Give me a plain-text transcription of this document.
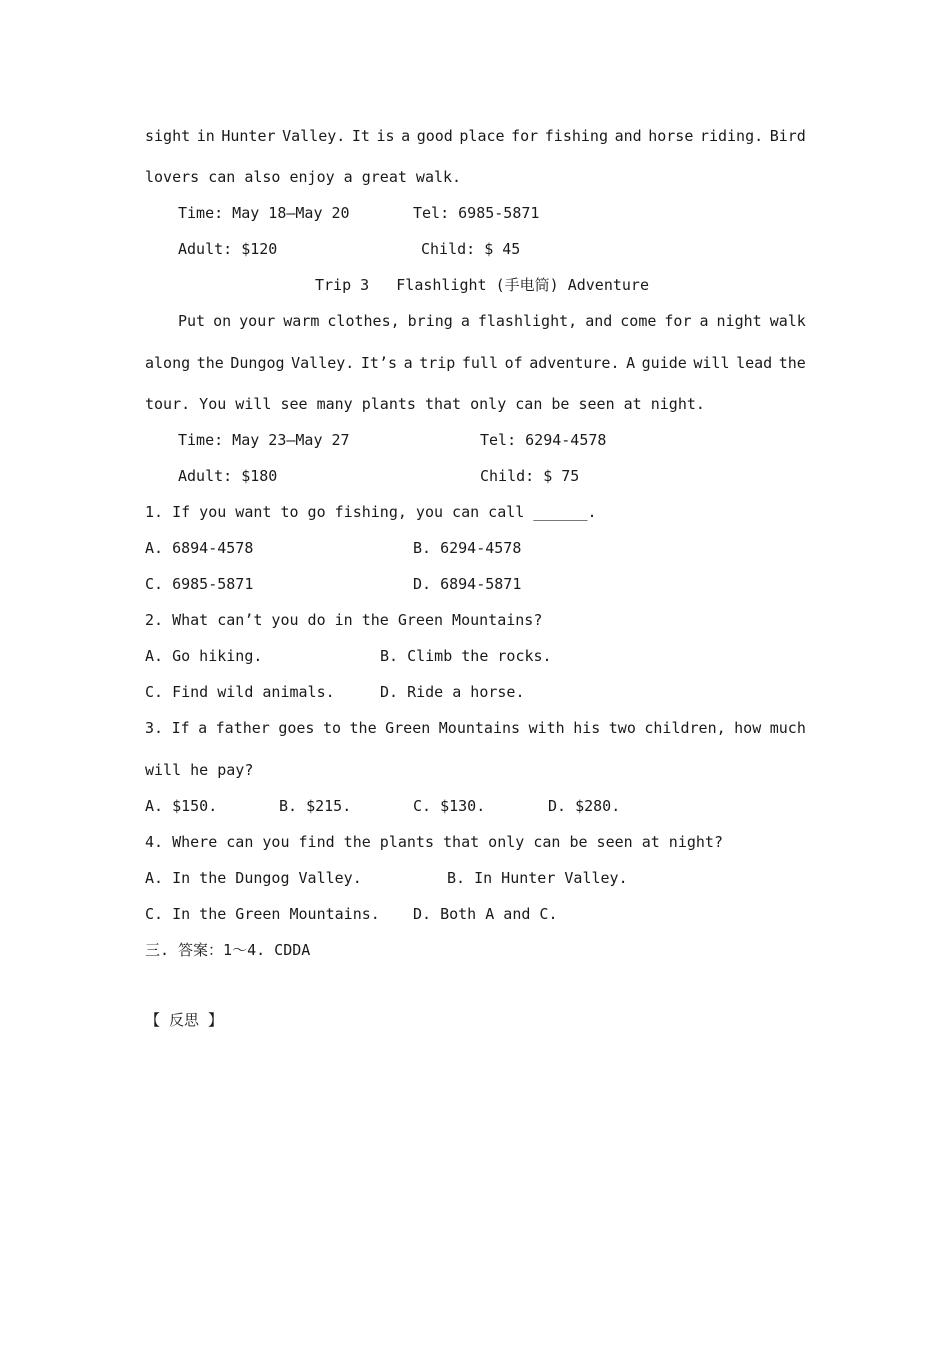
sight in Hunter Valley. It is a good place for fishing and horse riding. Bird
lovers can also enjoy a great walk.
Time: May 18—May 20	Tel: 6985-5871
Adult: $120	Child: $ 45
Trip 3   Flashlight (手电筒) Adventure
Put on your warm clothes, bring a flashlight, and come for a night walk
along the Dungog Valley. It’s a trip full of adventure. A guide will lead the
tour. You will see many plants that only can be seen at night.
Time: May 23—May 27	Tel: 6294-4578
Adult: $180	Child: $ 75
1. If you want to go fishing, you can call ______.
A. 6894-4578	B. 6294-4578
C. 6985-5871	D. 6894-5871
2. What can’t you do in the Green Mountains?
A. Go hiking.	B. Climb the rocks.
C. Find wild animals.	D. Ride a horse.
3. If a father goes to the Green Mountains with his two children, how much
will he pay?
A. $150.	B. $215.	C. $130.	D. $280.
4. Where can you find the plants that only can be seen at night?
A. In the Dungog Valley.	B. In Hunter Valley.
C. In the Green Mountains. D. Both A and C.
三. 答案：1～4. CDDA
【 反思 】
